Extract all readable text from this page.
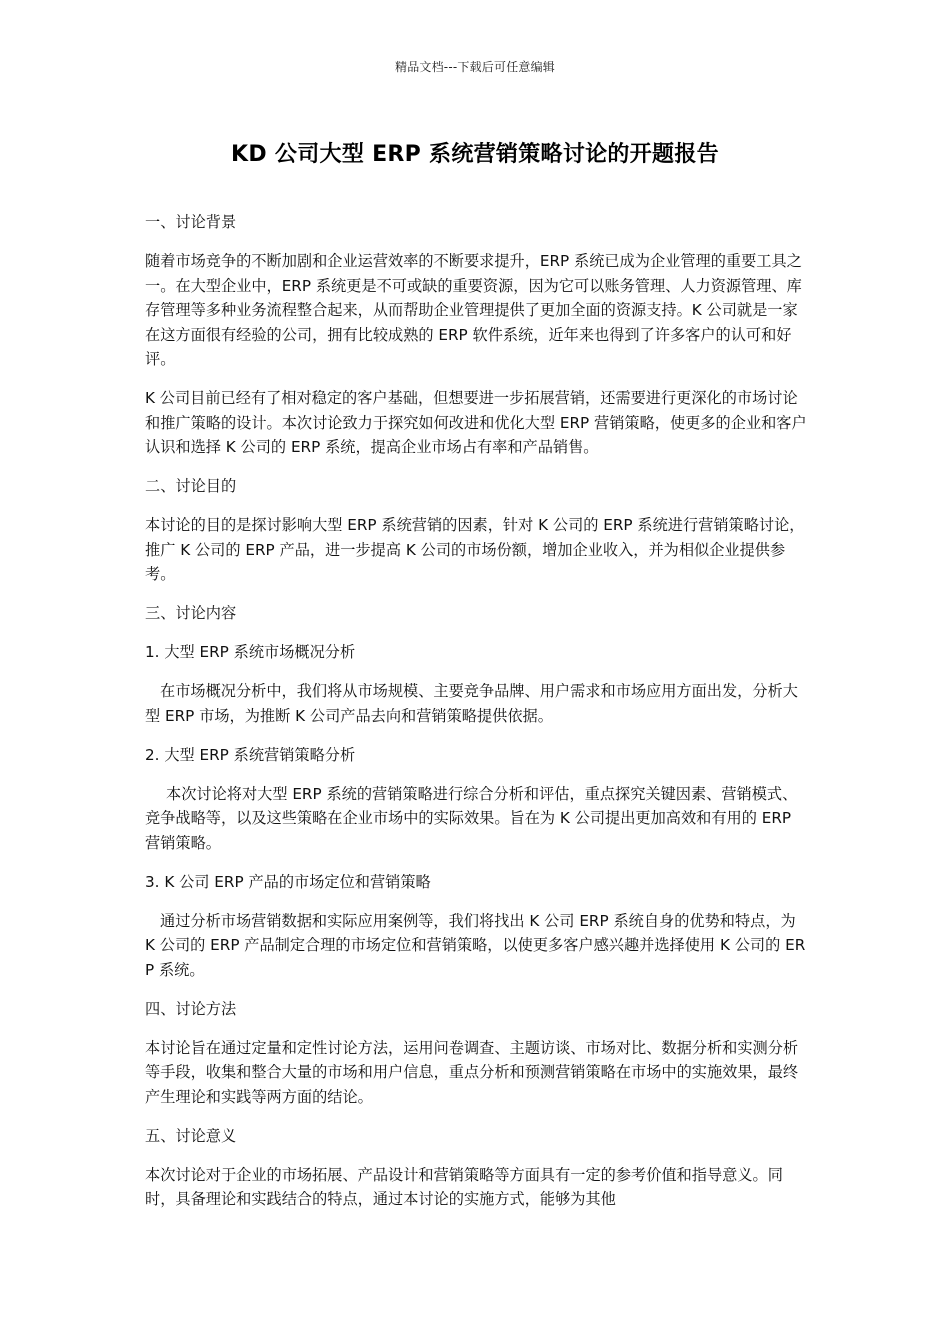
精品文档---下载后可任意编辑
KD 公司大型 ERP 系统营销策略讨论的开题报告

一、讨论背景

随着市场竞争的不断加剧和企业运营效率的不断要求提升，ERP 系统已成为企业管理的重要工具之一。在大型企业中，ERP 系统更是不可或缺的重要资源，因为它可以账务管理、人力资源管理、库存管理等多种业务流程整合起来，从而帮助企业管理提供了更加全面的资源支持。K 公司就是一家在这方面很有经验的公司，拥有比较成熟的 ERP 软件系统，近年来也得到了许多客户的认可和好评。

K 公司目前已经有了相对稳定的客户基础，但想要进一步拓展营销，还需要进行更深化的市场讨论和推广策略的设计。本次讨论致力于探究如何改进和优化大型 ERP 营销策略，使更多的企业和客户认识和选择 K 公司的 ERP 系统，提高企业市场占有率和产品销售。

二、讨论目的

本讨论的目的是探讨影响大型 ERP 系统营销的因素，针对 K 公司的 ERP 系统进行营销策略讨论，推广 K 公司的 ERP 产品，进一步提高 K 公司的市场份额，增加企业收入，并为相似企业提供参考。

三、讨论内容

1. 大型 ERP 系统市场概况分析

在市场概况分析中，我们将从市场规模、主要竞争品牌、用户需求和市场应用方面出发，分析大型 ERP 市场，为推断 K 公司产品去向和营销策略提供依据。

2. 大型 ERP 系统营销策略分析

本次讨论将对大型 ERP 系统的营销策略进行综合分析和评估，重点探究关键因素、营销模式、竞争战略等，以及这些策略在企业市场中的实际效果。旨在为 K 公司提出更加高效和有用的 ERP 营销策略。

3. K 公司 ERP 产品的市场定位和营销策略

通过分析市场营销数据和实际应用案例等，我们将找出 K 公司 ERP 系统自身的优势和特点，为 K 公司的 ERP 产品制定合理的市场定位和营销策略，以使更多客户感兴趣并选择使用 K 公司的 ERP 系统。

四、讨论方法

本讨论旨在通过定量和定性讨论方法，运用问卷调查、主题访谈、市场对比、数据分析和实测分析等手段，收集和整合大量的市场和用户信息，重点分析和预测营销策略在市场中的实施效果，最终产生理论和实践等两方面的结论。

五、讨论意义

本次讨论对于企业的市场拓展、产品设计和营销策略等方面具有一定的参考价值和指导意义。同时，具备理论和实践结合的特点，通过本讨论的实施方式，能够为其他
